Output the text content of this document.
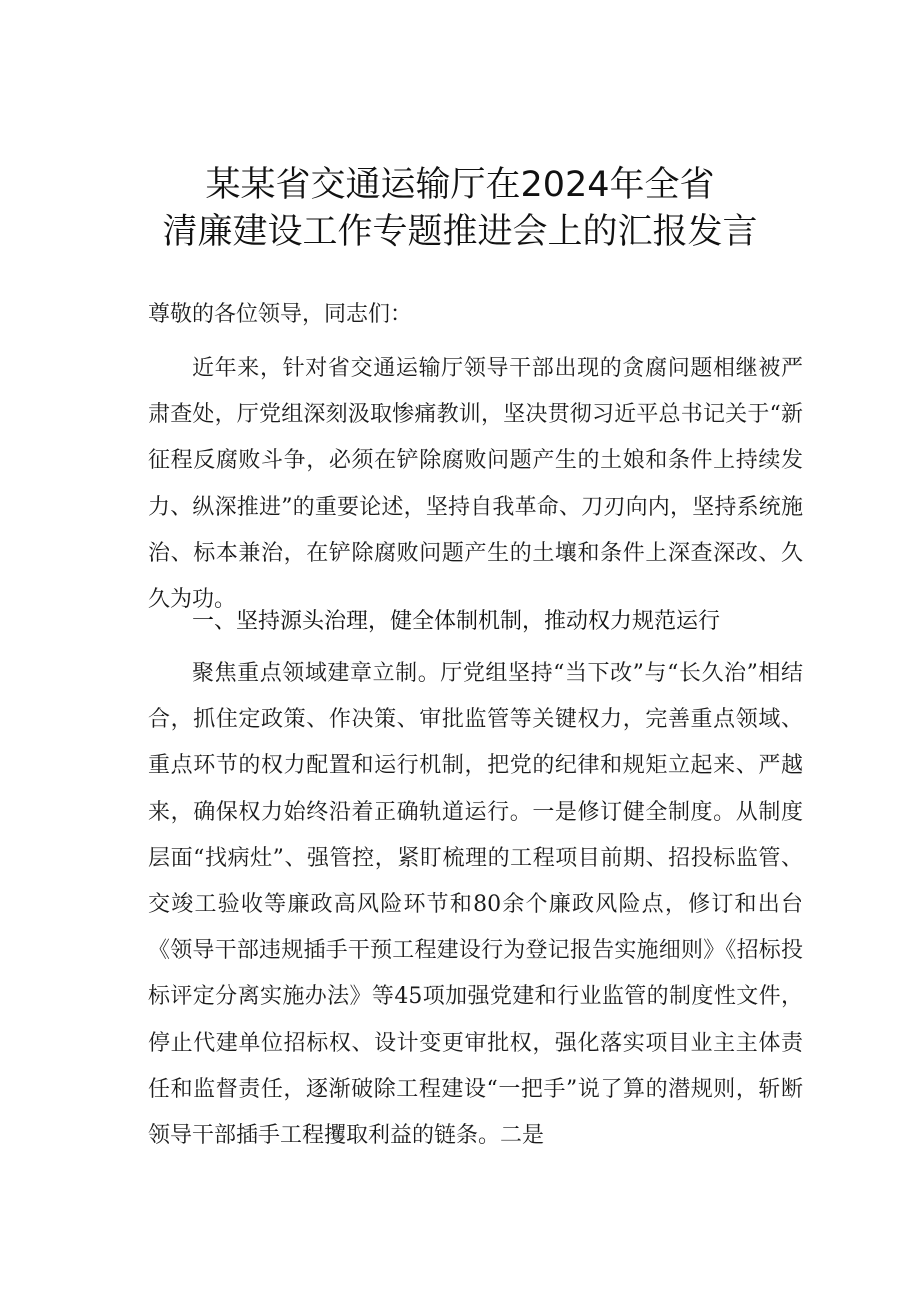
某某省交通运输厅在2024年全省
清廉建设工作专题推进会上的汇报发言

尊敬的各位领导，同志们：

近年来，针对省交通运输厅领导干部出现的贪腐问题相继被严肃查处，厅党组深刻汲取惨痛教训，坚决贯彻习近平总书记关于“新征程反腐败斗争，必须在铲除腐败问题产生的土娘和条件上持续发力、纵深推进”的重要论述，坚持自我革命、刀刃向内，坚持系统施治、标本兼治，在铲除腐败问题产生的土壤和条件上深查深改、久久为功。

一、坚持源头治理，健全体制机制，推动权力规范运行

聚焦重点领域建章立制。厅党组坚持“当下改”与“长久治”相结合，抓住定政策、作决策、审批监管等关键权力，完善重点领域、重点环节的权力配置和运行机制，把党的纪律和规矩立起来、严越来，确保权力始终沿着正确轨道运行。一是修订健全制度。从制度层面“找病灶”、强管控，紧盯梳理的工程项目前期、招投标监管、交竣工验收等廉政高风险环节和80余个廉政风险点，修订和出台《领导干部违规插手干预工程建设行为登记报告实施细则》《招标投标评定分离实施办法》等45项加强党建和行业监管的制度性文件，停止代建单位招标权、设计变更审批权，强化落实项目业主主体责任和监督责任，逐渐破除工程建设“一把手”说了算的潜规则，斩断领导干部插手工程攫取利益的链条。二是
